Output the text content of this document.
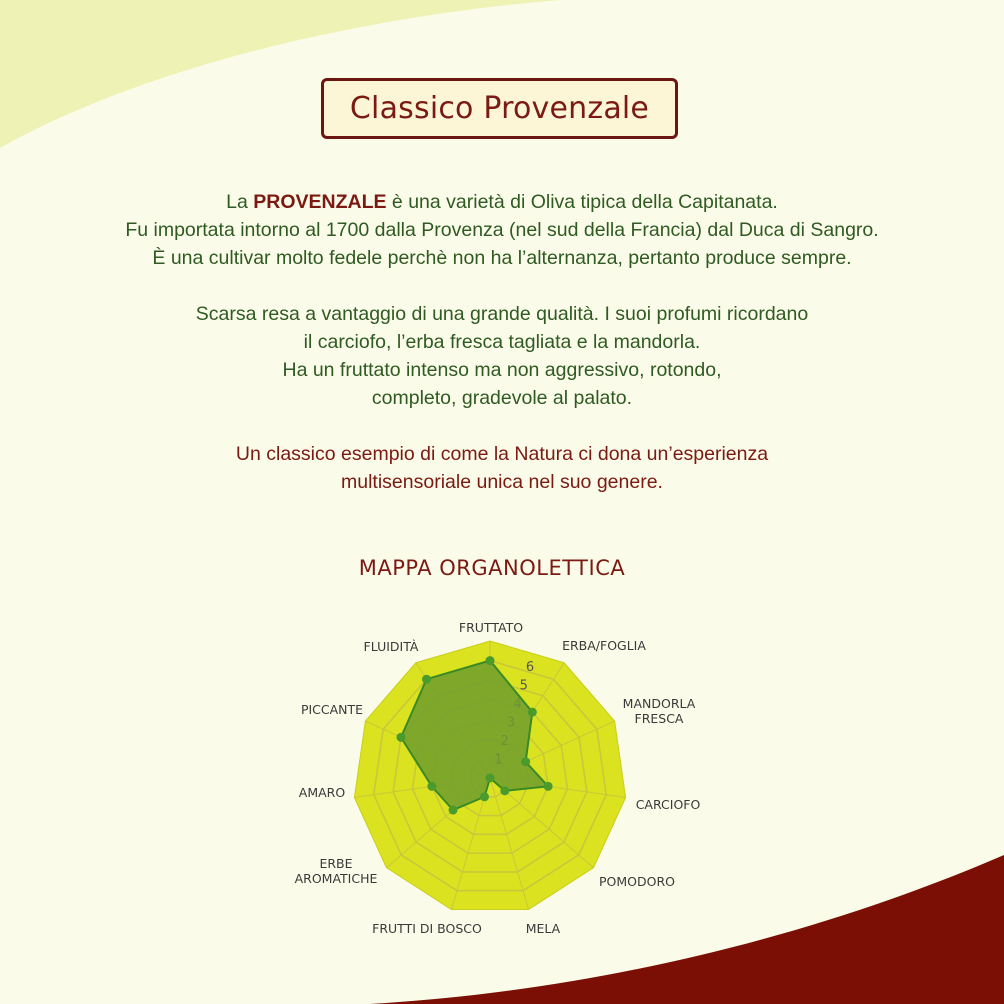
Classico Provenzale
La PROVENZALE è una varietà di Oliva tipica della Capitanata.
Fu importata intorno al 1700 dalla Provenza (nel sud della Francia) dal Duca di Sangro.
È una cultivar molto fedele perchè non ha l’alternanza, pertanto produce sempre.
Scarsa resa a vantaggio di una grande qualità. I suoi profumi ricordano
il carciofo, l’erba fresca tagliata e la mandorla.
Ha un fruttato intenso ma non aggressivo, rotondo,
completo, gradevole al palato.
Un classico esempio di come la Natura ci dona un’esperienza
multisensoriale unica nel suo genere.
MAPPA ORGANOLETTICA
5
6
FRUTTATO
ERBA/FOGLIA
MANDORLA
FRESCA
CARCIOFO
POMODORO
MELA
FRUTTI DI BOSCO
ERBE
AROMATICHE
AMARO
PICCANTE
FLUIDITÀ
